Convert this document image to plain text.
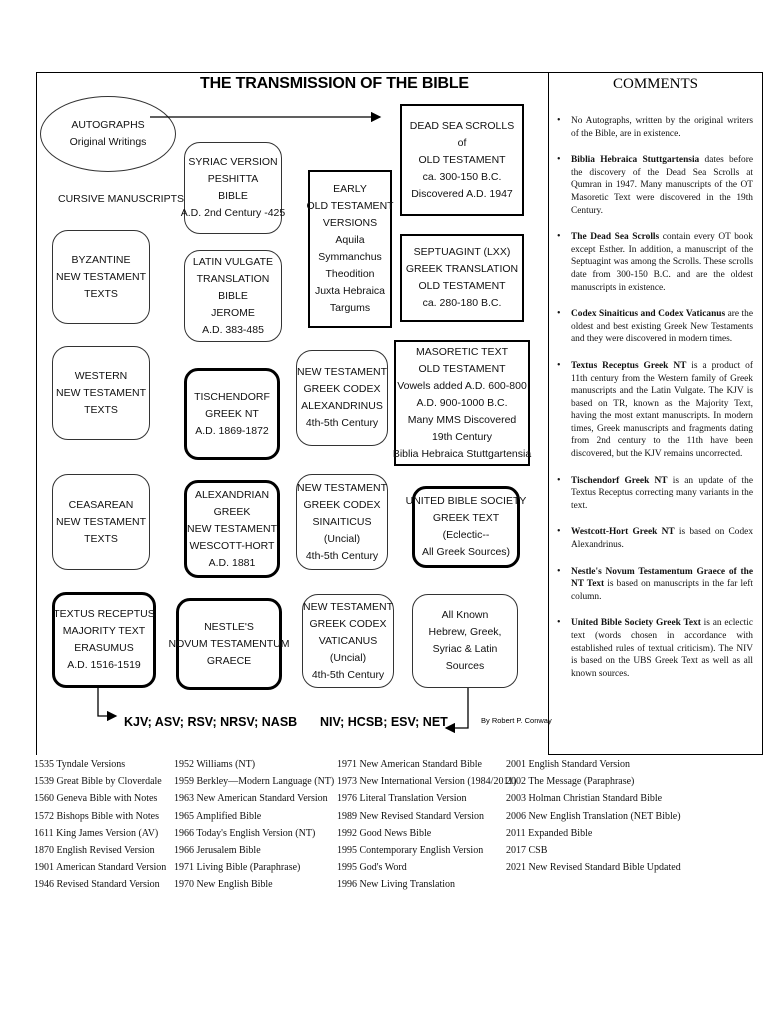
THE TRANSMISSION OF THE BIBLE
AUTOGRAPHS
Original Writings
CURSIVE MANUSCRIPTS
DEAD SEA SCROLLS
of
OLD TESTAMENT
ca. 300-150 B.C.
Discovered A.D. 1947
SYRIAC VERSION
PESHITTA
BIBLE
A.D. 2nd Century -425
EARLY
OLD TESTAMENT
VERSIONS
Aquila
Symmanchus
Theodition
Juxta Hebraica
Targums
SEPTUAGINT (LXX)
GREEK TRANSLATION
OLD TESTAMENT
ca. 280-180 B.C.
BYZANTINE
NEW TESTAMENT
TEXTS
LATIN VULGATE
TRANSLATION
BIBLE
JEROME
A.D. 383-485
WESTERN
NEW TESTAMENT
TEXTS
TISCHENDORF
GREEK NT
A.D. 1869-1872
NEW TESTAMENT
GREEK CODEX
ALEXANDRINUS
4th-5th Century
MASORETIC TEXT
OLD TESTAMENT
Vowels added A.D. 600-800
A.D. 900-1000 B.C.
Many MMS Discovered
19th Century
Biblia Hebraica Stuttgartensia
CEASAREAN
NEW TESTAMENT
TEXTS
ALEXANDRIAN
GREEK
NEW TESTAMENT
WESCOTT-HORT
A.D. 1881
NEW TESTAMENT
GREEK CODEX
SINAITICUS
(Uncial)
4th-5th Century
UNITED BIBLE SOCIETY
GREEK TEXT
(Eclectic--
All Greek Sources)
TEXTUS RECEPTUS
MAJORITY TEXT
ERASUMUS
A.D. 1516-1519
NESTLE'S
NOVUM TESTAMENTUM
GRAECE
NEW TESTAMENT
GREEK CODEX
VATICANUS
(Uncial)
4th-5th Century
All Known
Hebrew, Greek,
Syriac & Latin
Sources
KJV; ASV; RSV; NRSV; NASB NIV; HCSB; ESV; NET	By Robert P. Conway
COMMENTS
• No Autographs, written by the original writers of the Bible, are in existence.
• Biblia Hebraica Stuttgartensia dates before the discovery of the Dead Sea Scrolls at Qumran in 1947. Many manuscripts of the OT Masoretic Text were discovered in the 19th Century.
• The Dead Sea Scrolls contain every OT book except Esther. In addition, a manuscript of the Septuagint was among the Scrolls. These scrolls date from 300-150 B.C. and are the oldest manuscripts in existence.
• Codex Sinaiticus and Codex Vaticanus are the oldest and best existing Greek New Testaments and they were discovered in modern times.
• Textus Receptus Greek NT is a product of 11th century from the Western family of Greek manuscripts and the Latin Vulgate. The KJV is based on TR, known as the Majority Text, having the most extant manuscripts. In modern times, Greek manuscripts and fragments dating from 2nd century to the 11th have been discovered, but the KJV remains uncorrected.
• Tischendorf Greek NT is an update of the Textus Receptus correcting many variants in the text.
• Westcott-Hort Greek NT is based on Codex Alexandrinus.
• Nestle's Novum Testamentum Graece of the NT Text is based on manuscripts in the far left column.
• United Bible Society Greek Text is an eclectic text (words chosen in accordance with established rules of textual criticism). The NIV is based on the UBS Greek Text as well as all known sources.
1535 Tyndale Versions
1539 Great Bible by Cloverdale
1560 Geneva Bible with Notes
1572 Bishops Bible with Notes
1611 King James Version (AV)
1870 English Revised Version
1901 American Standard Version
1946 Revised Standard Version
1952 Williams (NT)
1959 Berkley—Modern Language (NT)
1963 New American Standard Version
1965 Amplified Bible
1966 Today's English Version (NT)
1966 Jerusalem Bible
1971 Living Bible (Paraphrase)
1970 New English Bible
1971 New American Standard Bible
1973 New International Version (1984/2011)
1976 Literal Translation Version
1989 New Revised Standard Version
1992 Good News Bible
1995 Contemporary English Version
1995 God's Word
1996 New Living Translation
2001 English Standard Version
2002 The Message (Paraphrase)
2003 Holman Christian Standard Bible
2006 New English Translation (NET Bible)
2011 Expanded Bible
2017 CSB
2021 New Revised Standard Bible Updated
